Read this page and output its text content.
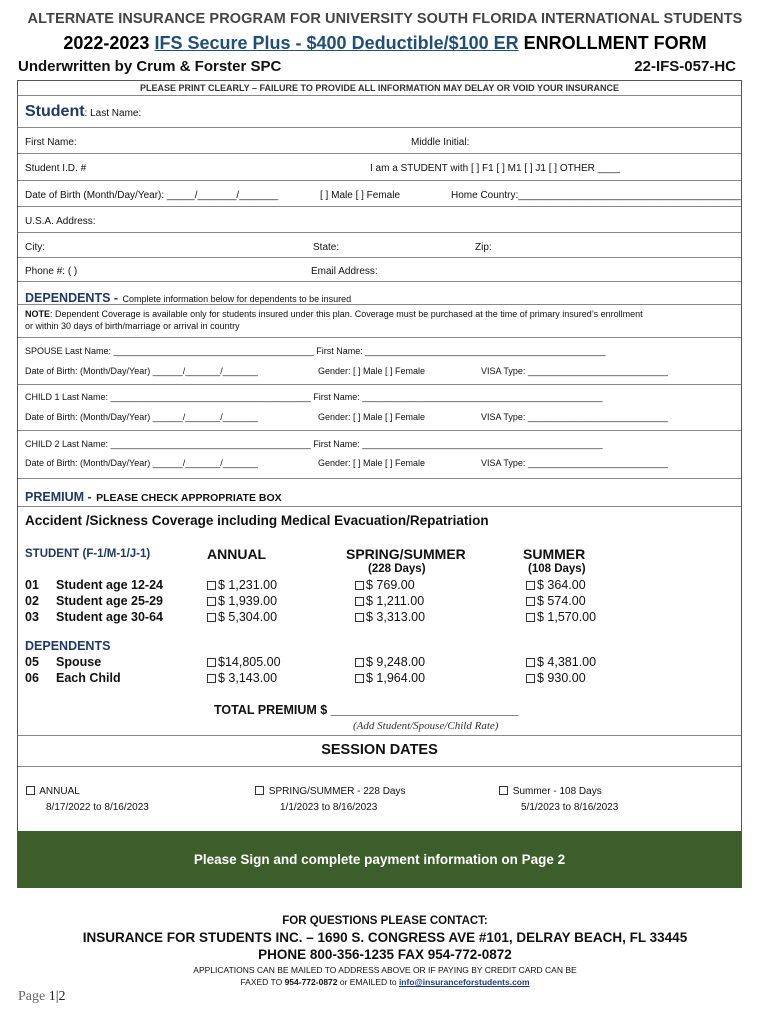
ALTERNATE INSURANCE PROGRAM FOR UNIVERSITY SOUTH FLORIDA INTERNATIONAL STUDENTS
2022-2023 IFS Secure Plus - $400 Deductible/$100 ER ENROLLMENT FORM
Underwritten by Crum & Forster SPC	22-IFS-057-HC
PLEASE PRINT CLEARLY – FAILURE TO PROVIDE ALL INFORMATION MAY DELAY OR VOID YOUR INSURANCE
Student: Last Name:
First Name:	Middle Initial:
Student I.D. #	I am a STUDENT with [ ] F1 [ ] M1 [ ] J1 [ ] OTHER ____
Date of Birth (Month/Day/Year): _____/_______/_______	[ ] Male [ ] Female	Home Country:________________________________________
U.S.A. Address:
City:	State:	Zip:
Phone #: ( )	Email Address:
DEPENDENTS - Complete information below for dependents to be insured
NOTE: Dependent Coverage is available only for students insured under this plan. Coverage must be purchased at the time of primary insured’s enrollment
or within 30 days of birth/marriage or arrival in country
SPOUSE Last Name: ________________________________________ First Name: ________________________________________________
Date of Birth: (Month/Day/Year) ______/_______/_______	Gender: [ ] Male [ ] Female	VISA Type: ____________________________
CHILD 1 Last Name: ________________________________________ First Name: ________________________________________________
Date of Birth: (Month/Day/Year) ______/_______/_______	Gender: [ ] Male [ ] Female	VISA Type: ____________________________
CHILD 2 Last Name: ________________________________________ First Name: ________________________________________________
Date of Birth: (Month/Day/Year) ______/_______/_______	Gender: [ ] Male [ ] Female	VISA Type: ____________________________
PREMIUM - PLEASE CHECK APPROPRIATE BOX
Accident /Sickness Coverage including Medical Evacuation/Repatriation
STUDENT (F-1/M-1/J-1)	ANNUAL	SPRING/SUMMER
(228 Days)
SUMMER
(108 Days)
01 Student age 12-24	$ 1,231.00	$ 769.00	$ 364.00
02 Student age 25-29	$ 1,939.00	$ 1,211.00	$ 574.00
03 Student age 30-64	$ 5,304.00	$ 3,313.00	$ 1,570.00
DEPENDENTS
05 Spouse	$14,805.00	$ 9,248.00	$ 4,381.00
06 Each Child	$ 3,143.00	$ 1,964.00	$ 930.00
TOTAL PREMIUM $ ___________________________
(Add Student/Spouse/Child Rate)
SESSION DATES
ANNUAL
8/17/2022 to 8/16/2023
SPRING/SUMMER - 228 Days
1/1/2023 to 8/16/2023
Summer - 108 Days
5/1/2023 to 8/16/2023
Please Sign and complete payment information on Page 2
FOR QUESTIONS PLEASE CONTACT:
INSURANCE FOR STUDENTS INC. – 1690 S. CONGRESS AVE #101, DELRAY BEACH, FL 33445
PHONE 800-356-1235 FAX 954-772-0872
APPLICATIONS CAN BE MAILED TO ADDRESS ABOVE OR IF PAYING BY CREDIT CARD CAN BE
FAXED TO 954-772-0872 or EMAILED to info@insuranceforstudents.com
Page 1|2
